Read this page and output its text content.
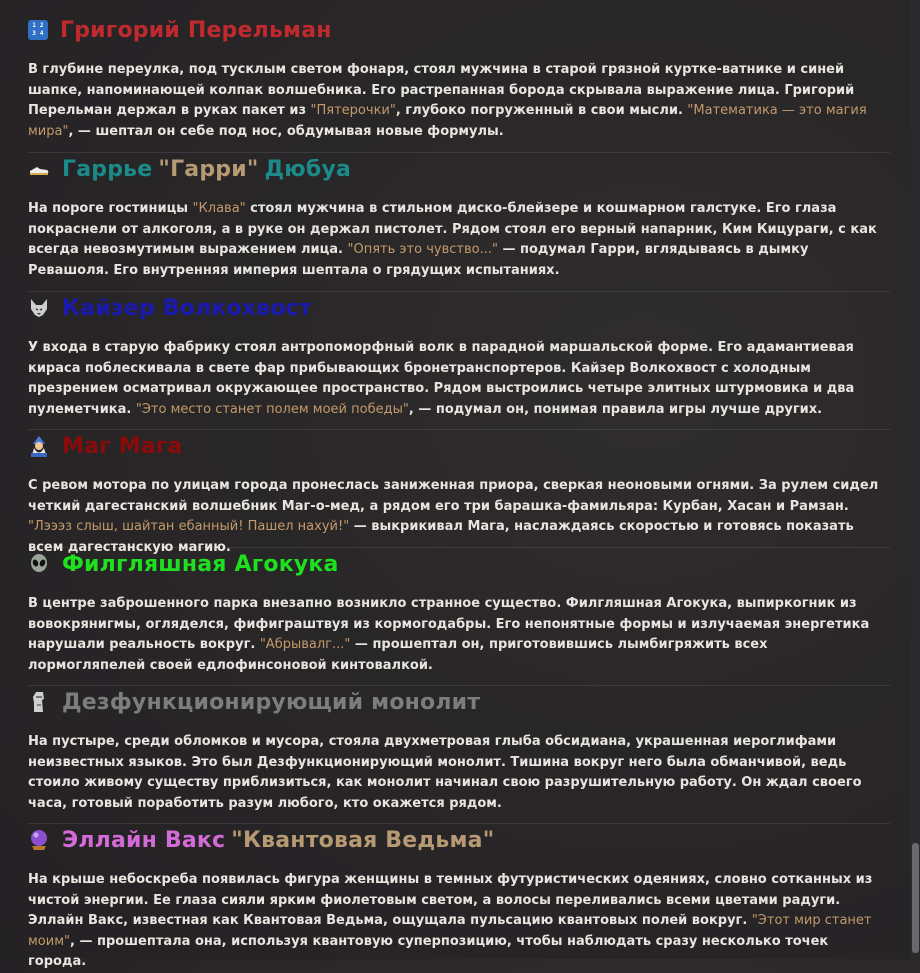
1 2
3 4 Григорий Перельман
В глубине переулка, под тусклым светом фонаря, стоял мужчина в старой грязной куртке-ватнике и синей шапке, напоминающей колпак волшебника. Его растрепанная борода скрывала выражение лица. Григорий Перельман держал в руках пакет из "Пятерочки", глубоко погруженный в свои мысли. "Математика — это магия мира", — шептал он себе под нос, обдумывая новые формулы.
Гаррье "Гарри" Дюбуа
На пороге гостиницы "Клава" стоял мужчина в стильном диско-блейзере и кошмарном галстуке. Его глаза покраснели от алкоголя, а в руке он держал пистолет. Рядом стоял его верный напарник, Ким Кицураги, с как всегда невозмутимым выражением лица. "Опять это чувство..." — подумал Гарри, вглядываясь в дымку Ревашоля. Его внутренняя империя шептала о грядущих испытаниях.
Кайзер Волкохвост
У входа в старую фабрику стоял антропоморфный волк в парадной маршальской форме. Его адамантиевая кираса поблескивала в свете фар прибывающих бронетранспортеров. Кайзер Волкохвост с холодным презрением осматривал окружающее пространство. Рядом выстроились четыре элитных штурмовика и два пулеметчика. "Это место станет полем моей победы", — подумал он, понимая правила игры лучше других.
Маг Мага
С ревом мотора по улицам города пронеслась заниженная приора, сверкая неоновыми огнями. За рулем сидел четкий дагестанский волшебник Маг-о-мед, а рядом его три барашка-фамильяра: Курбан, Хасан и Рамзан. "Лэээз слыш, шайтан ебанный! Пашел нахуй!" — выкрикивал Мага, наслаждаясь скоростью и готовясь показать всем дагестанскую магию.
Филгляшная Агокука
В центре заброшенного парка внезапно возникло странное существо. Филгляшная Агокука, выпиркогник из вовокрянигмы, огляделся, фифиграштвуя из кормогодабры. Его непонятные формы и излучаемая энергетика нарушали реальность вокруг. "Абрывалг..." — прошептал он, приготовившись лымбигряжить всех лормогляпелей своей едлофинсоновой кинтовалкой.
Дезфункционирующий монолит
На пустыре, среди обломков и мусора, стояла двухметровая глыба обсидиана, украшенная иероглифами неизвестных языков. Это был Дезфункционирующий монолит. Тишина вокруг него была обманчивой, ведь стоило живому существу приблизиться, как монолит начинал свою разрушительную работу. Он ждал своего часа, готовый поработить разум любого, кто окажется рядом.
Эллайн Вакс "Квантовая Ведьма"
На крыше небоскреба появилась фигура женщины в темных футуристических одеяниях, словно сотканных из чистой энергии. Ее глаза сияли ярким фиолетовым светом, а волосы переливались всеми цветами радуги. Эллайн Вакс, известная как Квантовая Ведьма, ощущала пульсацию квантовых полей вокруг. "Этот мир станет моим", — прошептала она, используя квантовую суперпозицию, чтобы наблюдать сразу несколько точек города.
